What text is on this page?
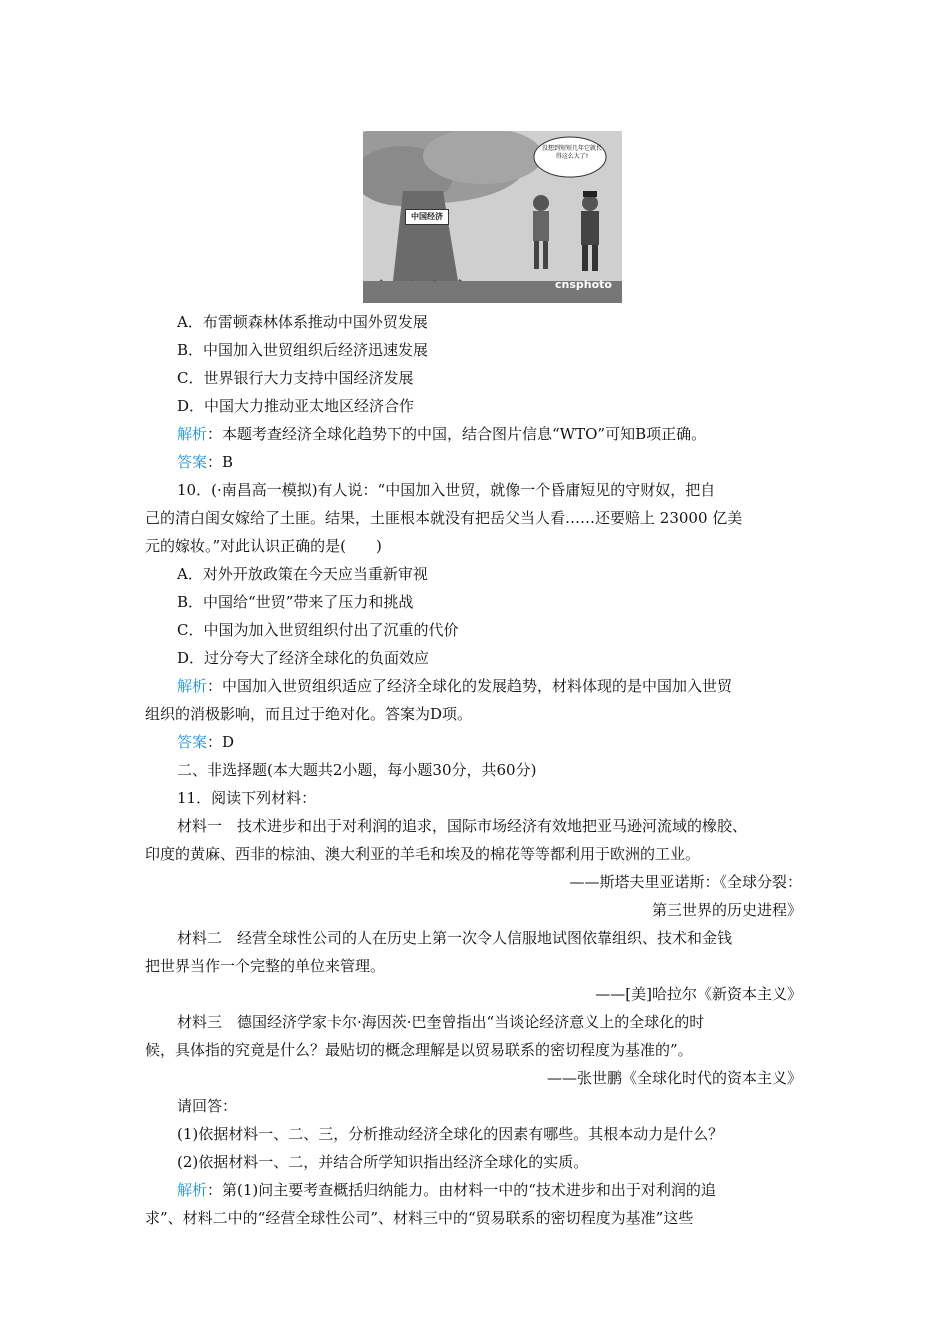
中国经济
没想到短短几年它就长得这么大了!
cnsphoto
A．布雷顿森林体系推动中国外贸发展
B．中国加入世贸组织后经济迅速发展
C．世界银行大力支持中国经济发展
D．中国大力推动亚太地区经济合作
解析：本题考查经济全球化趋势下的中国，结合图片信息“WTO”可知B项正确。
答案：B
10．(·南昌高一模拟)有人说：“中国加入世贸，就像一个昏庸短见的守财奴，把自
己的清白闺女嫁给了土匪。结果，土匪根本就没有把岳父当人看……还要赔上 23000 亿美
元的嫁妆。”对此认识正确的是(　　)
A．对外开放政策在今天应当重新审视
B．中国给“世贸”带来了压力和挑战
C．中国为加入世贸组织付出了沉重的代价
D．过分夸大了经济全球化的负面效应
解析：中国加入世贸组织适应了经济全球化的发展趋势，材料体现的是中国加入世贸
组织的消极影响，而且过于绝对化。答案为D项。
答案：D
二、非选择题(本大题共2小题，每小题30分，共60分)
11．阅读下列材料：
材料一　技术进步和出于对利润的追求，国际市场经济有效地把亚马逊河流域的橡胶、
印度的黄麻、西非的棕油、澳大利亚的羊毛和埃及的棉花等等都利用于欧洲的工业。
——斯塔夫里亚诺斯：《全球分裂：
第三世界的历史进程》
材料二　经营全球性公司的人在历史上第一次令人信服地试图依靠组织、技术和金钱
把世界当作一个完整的单位来管理。
——[美]哈拉尔《新资本主义》
材料三　德国经济学家卡尔·海因茨·巴奎曾指出“当谈论经济意义上的全球化的时
候，具体指的究竟是什么？最贴切的概念理解是以贸易联系的密切程度为基准的”。
——张世鹏《全球化时代的资本主义》
请回答：
(1)依据材料一、二、三，分析推动经济全球化的因素有哪些。其根本动力是什么？
(2)依据材料一、二，并结合所学知识指出经济全球化的实质。
解析：第(1)问主要考查概括归纳能力。由材料一中的“技术进步和出于对利润的追
求”、材料二中的“经营全球性公司”、材料三中的“贸易联系的密切程度为基准”这些
